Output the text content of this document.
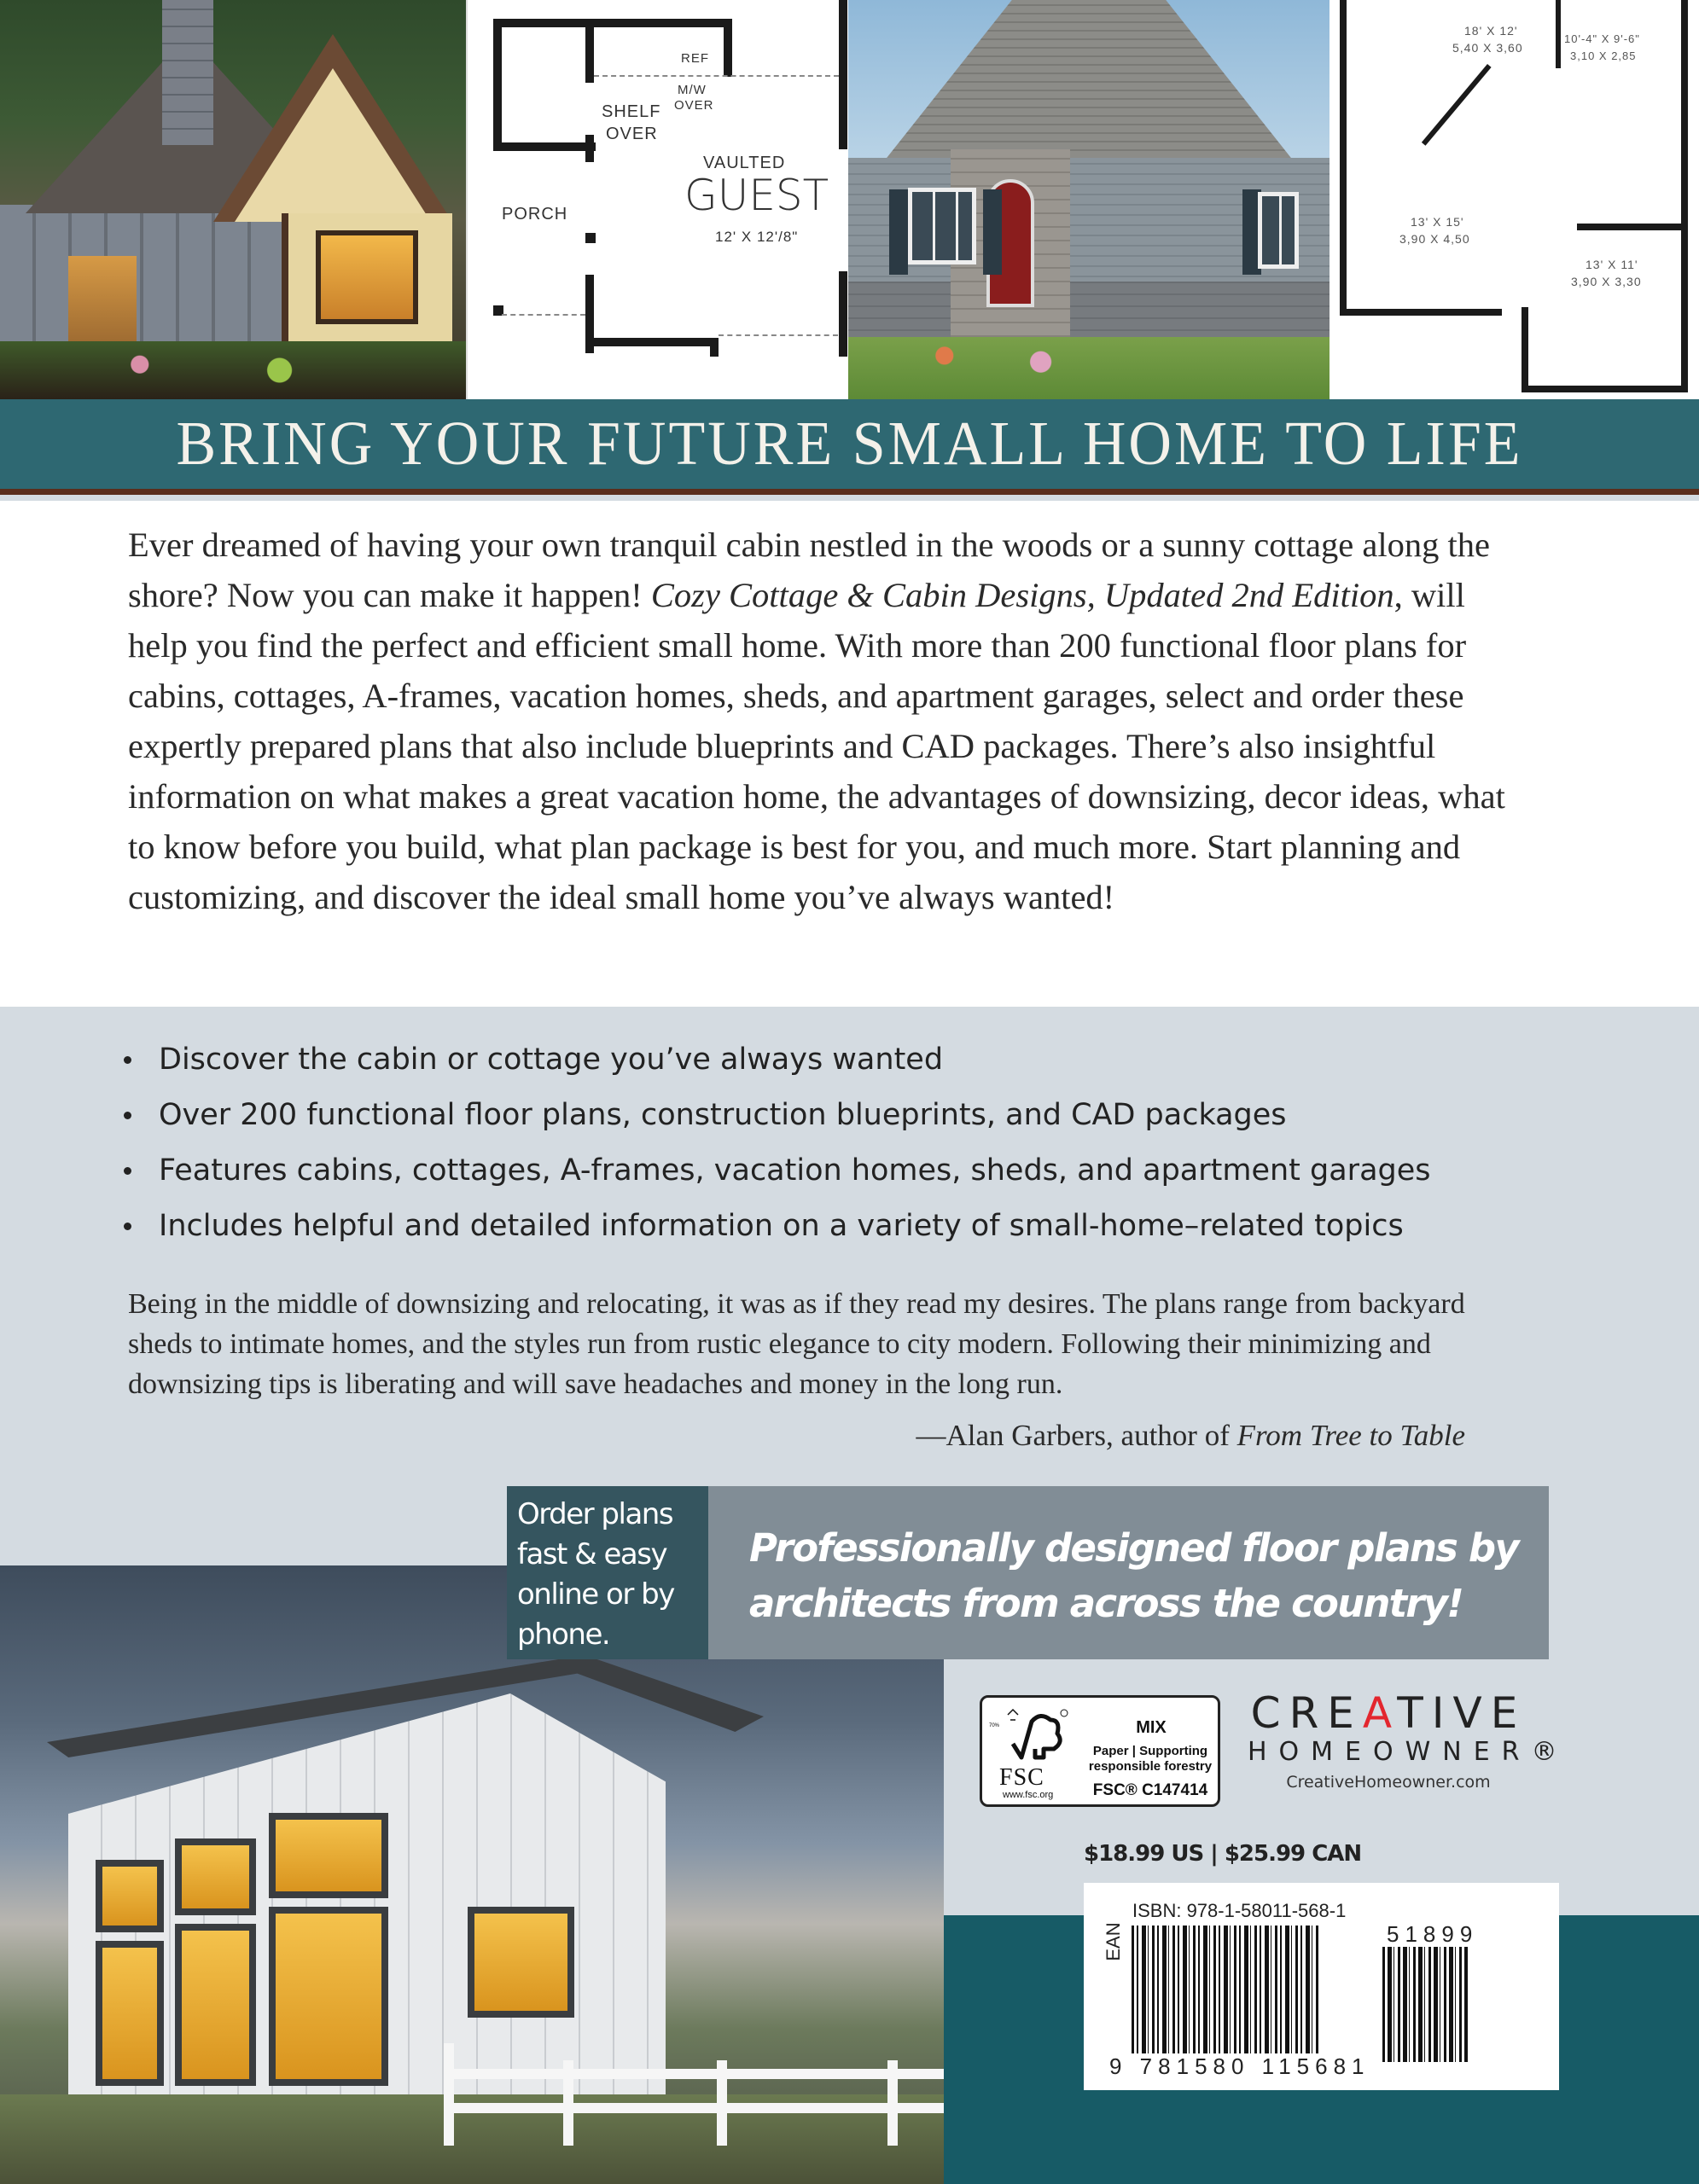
REF
M/W
OVER
SHELF
OVER
PORCH
VAULTED
GUEST
12' X 12'/8"
18' X 12'
5,40 X 3,60
10'-4" X 9'-6"
3,10 X 2,85
13' X 15'
3,90 X 4,50
13' X 11'
3,90 X 3,30
BRING YOUR FUTURE SMALL HOME TO LIFE

Ever dreamed of having your own tranquil cabin nestled in the woods or a sunny cottage along the shore? Now you can make it happen! Cozy Cottage & Cabin Designs, Updated 2nd Edition, will help you find the perfect and efficient small home. With more than 200 functional floor plans for cabins, cottages, A-frames, vacation homes, sheds, and apartment garages, select and order these expertly prepared plans that also include blueprints and CAD packages. There’s also insightful information on what makes a great vacation home, the advantages of downsizing, decor ideas, what to know before you build, what plan package is best for you, and much more. Start planning and customizing, and discover the ideal small home you’ve always wanted!

Discover the cabin or cottage you’ve always wanted
Over 200 functional floor plans, construction blueprints, and CAD packages
Features cabins, cottages, A-frames, vacation homes, sheds, and apartment garages
Includes helpful and detailed information on a variety of small-home–related topics

Being in the middle of downsizing and relocating, it was as if they read my desires. The plans range from backyard sheds to intimate homes, and the styles run from rustic elegance to city modern. Following their minimizing and downsizing tips is liberating and will save headaches and money in the long run.

—Alan Garbers, author of From Tree to Table

Order plans fast & easy online or by phone.

Professionally designed floor plans by architects from across the country!

70%
FSC
www.fsc.org
MIX
Paper | Supporting
responsible forestry
FSC® C147414
CREATIVE
HOMEOWNER®
CreativeHomeowner.com
$18.99 US | $25.99 CAN
ISBN: 978-1-58011-568-1
EAN
9 781580 115681
51899
